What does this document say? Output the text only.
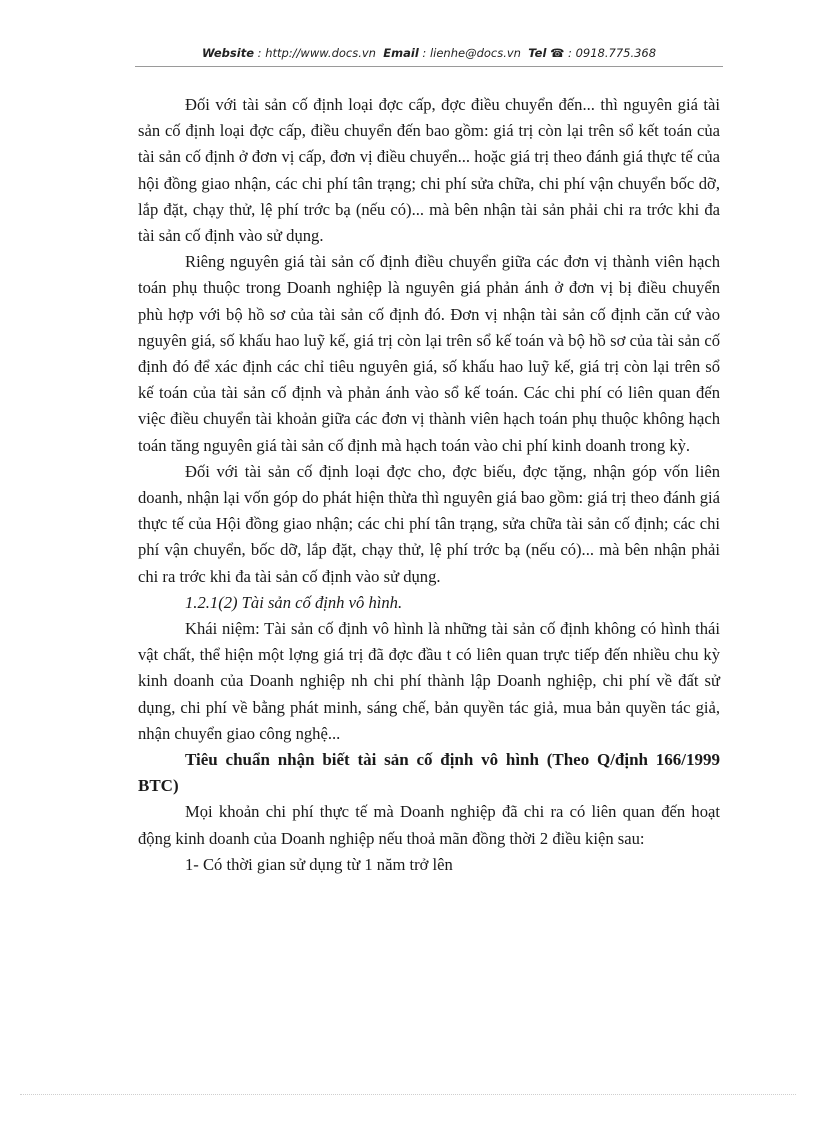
Website : http://www.docs.vn Email : lienhe@docs.vn Tel ☎ : 0918.775.368

Đối với tài sản cố định loại đợc cấp, đợc điều chuyển đến... thì nguyên giá tài sản cố định loại đợc cấp, điều chuyển đến bao gồm: giá trị còn lại trên sổ kết toán của tài sản cố định ở đơn vị cấp, đơn vị điều chuyển... hoặc giá trị theo đánh giá thực tế của hội đồng giao nhận, các chi phí tân trạng; chi phí sửa chữa, chi phí vận chuyển bốc dỡ, lắp đặt, chạy thử, lệ phí trớc bạ (nếu có)... mà bên nhận tài sản phải chi ra trớc khi đa tài sản cố định vào sử dụng.

Riêng nguyên giá tài sản cố định điều chuyển giữa các đơn vị thành viên hạch toán phụ thuộc trong Doanh nghiệp là nguyên giá phản ánh ở đơn vị bị điều chuyển phù hợp với bộ hồ sơ của tài sản cố định đó. Đơn vị nhận tài sản cố định căn cứ vào nguyên giá, số khấu hao luỹ kế, giá trị còn lại trên sổ kế toán và bộ hồ sơ của tài sản cố định đó để xác định các chỉ tiêu nguyên giá, số khấu hao luỹ kế, giá trị còn lại trên sổ kế toán của tài sản cố định và phản ánh vào sổ kế toán. Các chi phí có liên quan đến việc điều chuyển tài khoản giữa các đơn vị thành viên hạch toán phụ thuộc không hạch toán tăng nguyên giá tài sản cố định mà hạch toán vào chi phí kinh doanh trong kỳ.

Đối với tài sản cố định loại đợc cho, đợc biếu, đợc tặng, nhận góp vốn liên doanh, nhận lại vốn góp do phát hiện thừa thì nguyên giá bao gồm: giá trị theo đánh giá thực tế của Hội đồng giao nhận; các chi phí tân trạng, sửa chữa tài sản cố định; các chi phí vận chuyển, bốc dỡ, lắp đặt, chạy thử, lệ phí trớc bạ (nếu có)... mà bên nhận phải chi ra trớc khi đa tài sản cố định vào sử dụng.

1.2.1(2) Tài sản cố định vô hình.

Khái niệm: Tài sản cố định vô hình là những tài sản cố định không có hình thái vật chất, thể hiện một lợng giá trị đã đợc đầu t có liên quan trực tiếp đến nhiều chu kỳ kinh doanh của Doanh nghiệp nh chi phí thành lập Doanh nghiệp, chi phí về đất sử dụng, chi phí về bằng phát minh, sáng chế, bản quyền tác giả, mua bản quyền tác giả, nhận chuyển giao công nghệ...

Tiêu chuẩn nhận biết tài sản cố định vô hình (Theo Q/định 166/1999 BTC)

Mọi khoản chi phí thực tế mà Doanh nghiệp đã chi ra có liên quan đến hoạt động kinh doanh của Doanh nghiệp nếu thoả mãn đồng thời 2 điều kiện sau:

1- Có thời gian sử dụng từ 1 năm trở lên
